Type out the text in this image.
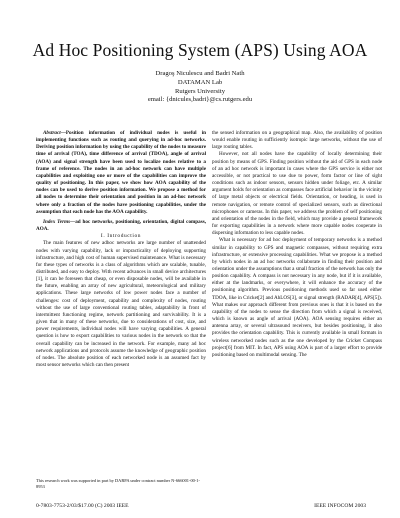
Ad Hoc Positioning System (APS) Using AOA
Dragoş Niculescu and Badri Nath
DATAMAN Lab
Rutgers University
email: {dnicules,badri}@cs.rutgers.edu

Abstract—Position information of individual nodes is useful in implementing functions such as routing and querying in ad-hoc networks. Deriving position information by using the capability of the nodes to measure time of arrival (TOA), time difference of arrival (TDOA), angle of arrival (AOA) and signal strength have been used to localize nodes relative to a frame of reference. The nodes in an ad-hoc network can have multiple capabilities and exploiting one or more of the capabilities can improve the quality of positioning. In this paper, we show how AOA capability of the nodes can be used to derive position information. We propose a method for all nodes to determine their orientation and position in an ad-hoc network where only a fraction of the nodes have positioning capabilities, under the assumption that each node has the AOA capability.

Index Terms—ad hoc networks, positioning, orientation, digital compass, AOA.

I. Introduction

The main features of new adhoc networks are large number of unattended nodes with varying capability, lack or impracticality of deploying supporting infrastructure, and high cost of human supervised maintenance. What is necessary for these types of networks is a class of algorithms which are scalable, tunable, distributed, and easy to deploy. With recent advances in small device architectures [1], it can be foreseen that cheap, or even disposable nodes, will be available in the future, enabling an array of new agricultural, meteorological and military applications. These large networks of low power nodes face a number of challenges: cost of deployment, capability and complexity of nodes, routing without the use of large conventional routing tables, adaptability in front of intermittent functioning regime, network partitioning and survivability. It is a given that in many of these networks, due to considerations of cost, size, and power requirements, individual nodes will have varying capabilities. A general question is how to export capabilities to various nodes in the network so that the overall capability can be increased in the network. For example, many ad hoc network applications and protocols assume the knowledge of geographic position of nodes. The absolute position of each networked node is an assumed fact by most sensor networks which can then present

This research work was supported in part by DARPA under contract number N-666001-00-1-8953

the sensed information on a geographical map. Also, the availability of position would enable routing in sufficiently isotropic large networks, without the use of large routing tables.

However, not all nodes have the capability of locally determining their position by means of GPS. Finding position without the aid of GPS in each node of an ad hoc network is important in cases where the GPS service is either not accessible, or not practical to use due to power, form factor or line of sight conditions such as indoor sensors, sensors hidden under foliage, etc. A similar argument holds for orientation as compasses face artificial behavior in the vicinity of large metal objects or electrical fields. Orientation, or heading, is used in remote navigation, or remote control of specialized sensors, such as directional microphones or cameras. In this paper, we address the problem of self positioning and orientation of the nodes in the field, which may provide a general framework for exporting capabilities in a network where more capable nodes cooperate in dispersing information to less capable nodes.

What is necessary for ad hoc deployment of temporary networks is a method similar in capability to GPS and magnetic compasses, without requiring extra infrastructure, or extensive processing capabilities. What we propose is a method by which nodes in an ad hoc networks collaborate in finding their position and orientation under the assumptions that a small fraction of the network has only the position capability. A compass is not necessary in any node, but if it is available, either at the landmarks, or everywhere, it will enhance the accuracy of the positioning algorithm. Previous positioning methods used so far used either TDOA, like in Cricket[2] and AhLOS[3], or signal strength (RADAR[4], APS[5]). What makes our approach different from previous ones is that it is based on the capability of the nodes to sense the direction from which a signal is received, which is known as angle of arrival (AOA). AOA sensing requires either an antenna array, or several ultrasound receivers, but besides positioning, it also provides the orientation capability. This is currently available in small formats in wireless networked nodes such as the one developed by the Cricket Compass project[6] from MIT. In fact, APS using AOA is part of a larger effort to provide positioning based on multimodal sensing. The

0-7803-7753-2/03/$17.00 (C) 2003 IEEE	IEEE INFOCOM 2003
